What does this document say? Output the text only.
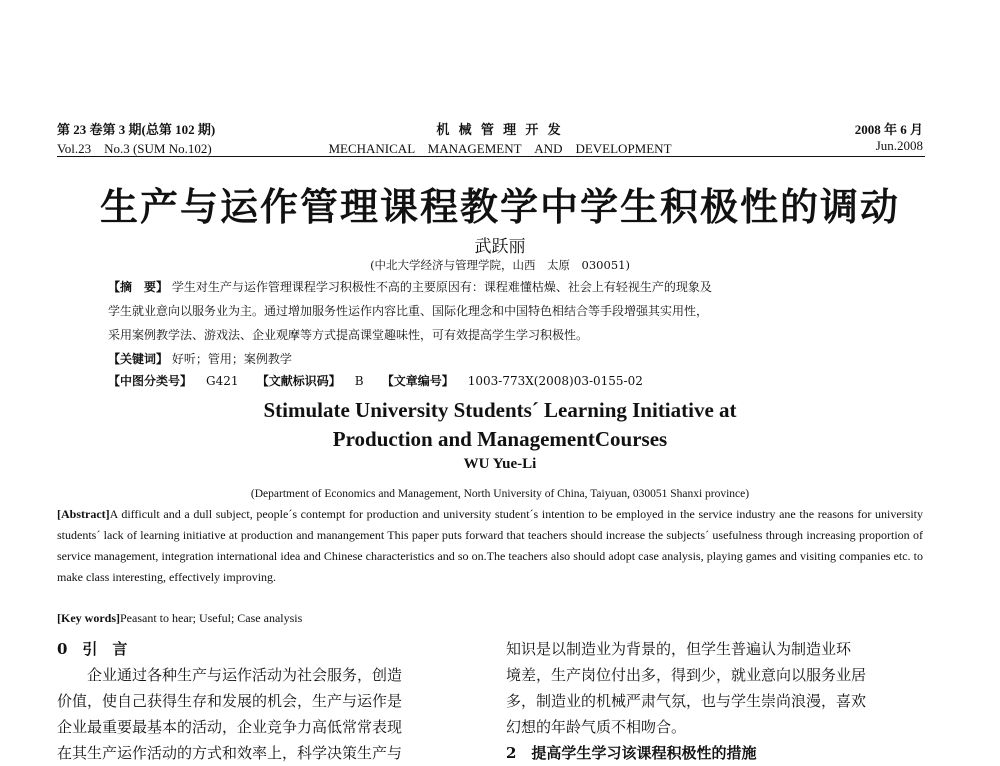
第 23 卷第 3 期(总第 102 期)
Vol.23　No.3 (SUM No.102)
机 械 管 理 开 发
MECHANICAL　MANAGEMENT　AND　DEVELOPMENT
2008 年 6 月
Jun.2008
生产与运作管理课程教学中学生积极性的调动
武跃丽
(中北大学经济与管理学院，山西　太原　030051)

【摘　要】 学生对生产与运作管理课程学习积极性不高的主要原因有：课程难懂枯燥、社会上有轻视生产的现象及

学生就业意向以服务业为主。通过增加服务性运作内容比重、国际化理念和中国特色相结合等手段增强其实用性，

采用案例教学法、游戏法、企业观摩等方式提高课堂趣味性，可有效提高学生学习积极性。

【关键词】 好听；管用；案例教学

【中图分类号】 G421 【文献标识码】 B 【文章编号】 1003-773X(2008)03-0155-02
Stimulate University Students´ Learning Initiative at
Production and ManagementCourses
WU Yue-Li
(Department of Economics and Management, North University of China, Taiyuan, 030051 Shanxi province)
[Abstract]A difficult and a dull subject, people´s contempt for production and university student´s intention to be employed in the service industry ane the reasons for university students´ lack of learning initiative at production and manangement This paper puts forward that teachers should increase the subjects´ usefulness through increasing proportion of service management, integration international idea and Chinese characteristics and so on.The teachers also should adopt case analysis, playing games and visiting companies etc. to make class interesting, effectively improving.
[Key words]Peasant to hear; Useful; Case analysis

0　引　言

企业通过各种生产与运作活动为社会服务，创造

价值，使自己获得生存和发展的机会，生产与运作是

企业最重要最基本的活动，企业竞争力高低常常表现

在其生产运作活动的方式和效率上，科学决策生产与

知识是以制造业为背景的，但学生普遍认为制造业环

境差，生产岗位付出多，得到少，就业意向以服务业居

多，制造业的机械严肃气氛，也与学生崇尚浪漫，喜欢

幻想的年龄气质不相吻合。

2　提高学生学习该课程积极性的措施
